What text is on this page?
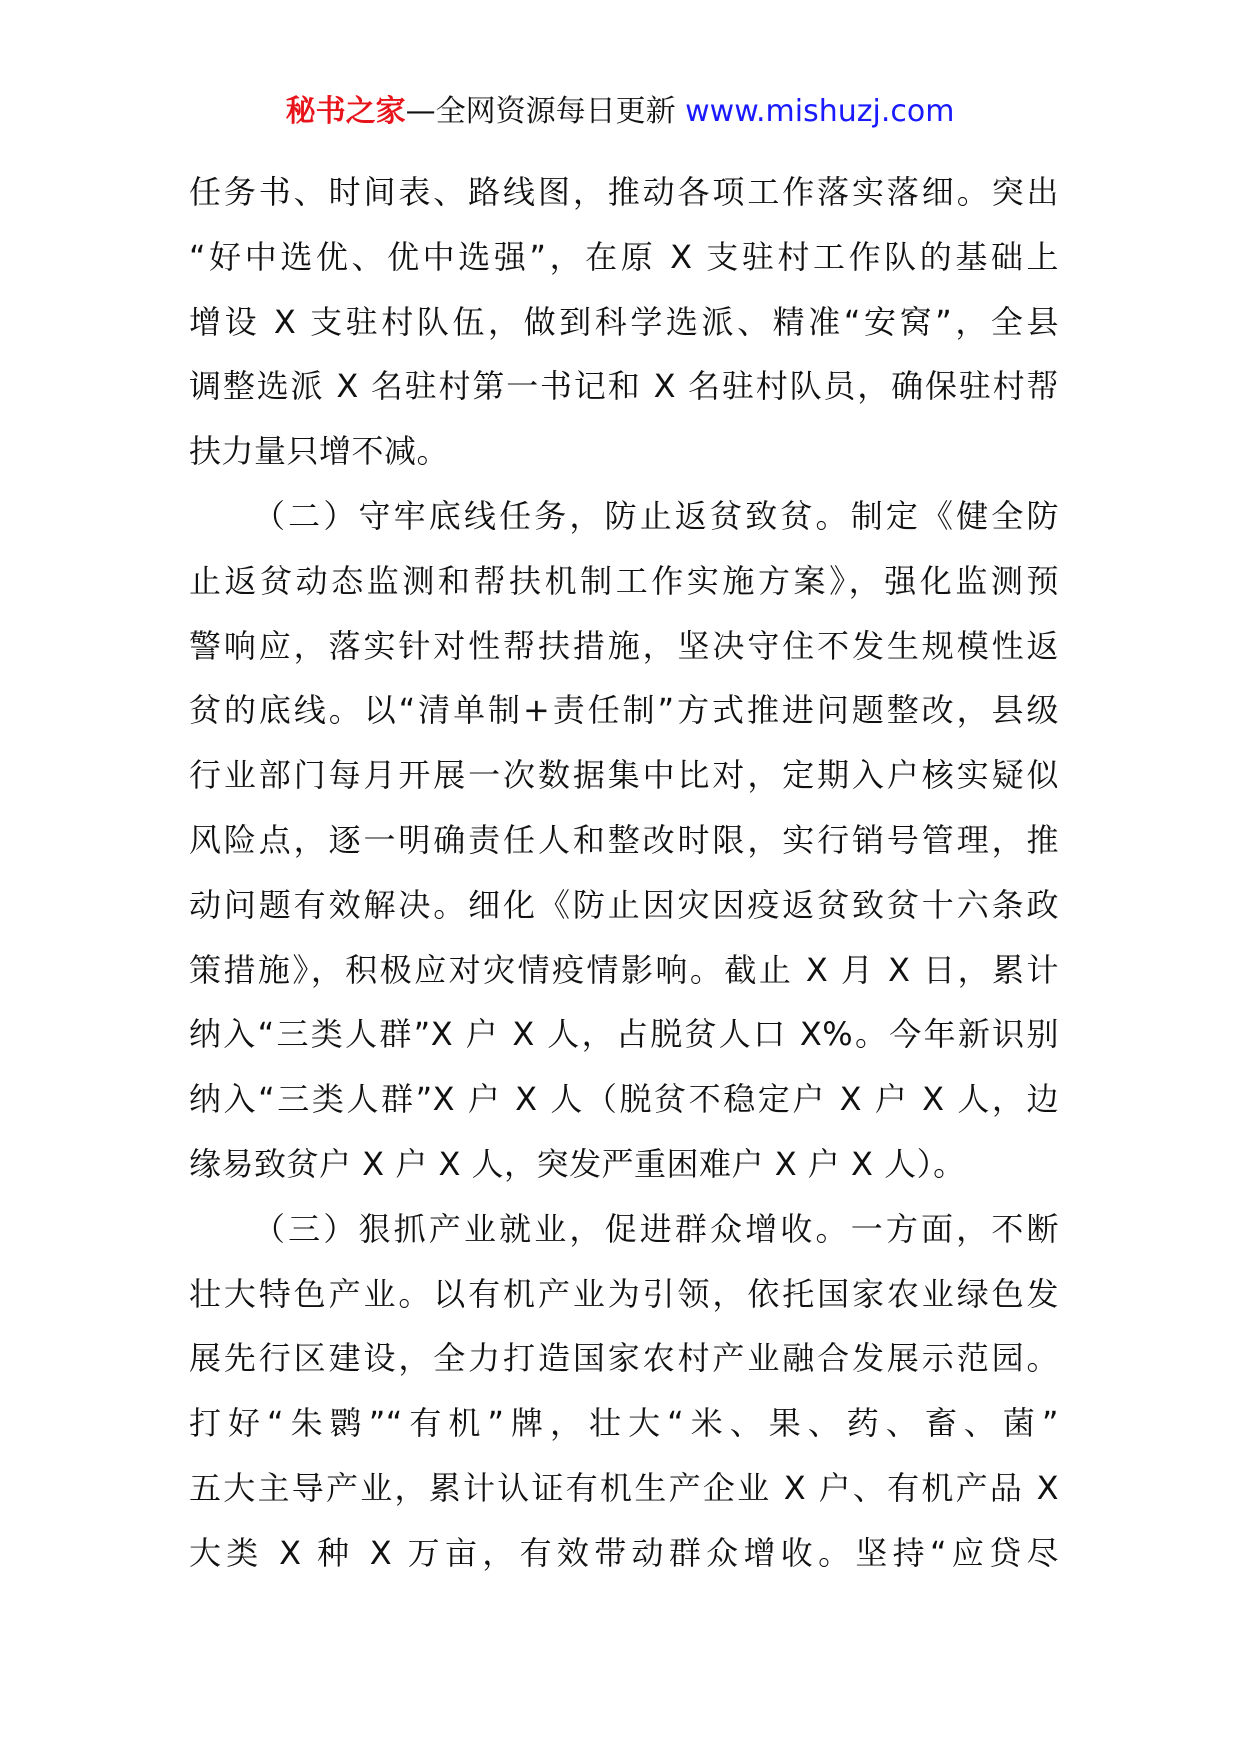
秘书之家—全网资源每日更新 www.mishuzj.com
任务书、时间表、路线图，推动各项工作落实落细。突出
“好中选优、优中选强”，在原 X 支驻村工作队的基础上
增设 X 支驻村队伍，做到科学选派、精准“安窝”，全县
调整选派 X 名驻村第一书记和 X 名驻村队员，确保驻村帮
扶力量只增不减。
（二）守牢底线任务，防止返贫致贫。制定《健全防
止返贫动态监测和帮扶机制工作实施方案》，强化监测预
警响应，落实针对性帮扶措施，坚决守住不发生规模性返
贫的底线。以“清单制+责任制”方式推进问题整改，县级
行业部门每月开展一次数据集中比对，定期入户核实疑似
风险点，逐一明确责任人和整改时限，实行销号管理，推
动问题有效解决。细化《防止因灾因疫返贫致贫十六条政
策措施》，积极应对灾情疫情影响。截止 X 月 X 日，累计
纳入“三类人群”X 户 X 人，占脱贫人口 X%。今年新识别
纳入“三类人群”X 户 X 人（脱贫不稳定户 X 户 X 人，边
缘易致贫户 X 户 X 人，突发严重困难户 X 户 X 人）。
（三）狠抓产业就业，促进群众增收。一方面，不断
壮大特色产业。以有机产业为引领，依托国家农业绿色发
展先行区建设，全力打造国家农村产业融合发展示范园。
打好“朱鹮”“有机”牌，壮大“米、果、药、畜、菌”
五大主导产业，累计认证有机生产企业 X 户、有机产品 X
大类 X 种 X 万亩，有效带动群众增收。坚持“应贷尽
